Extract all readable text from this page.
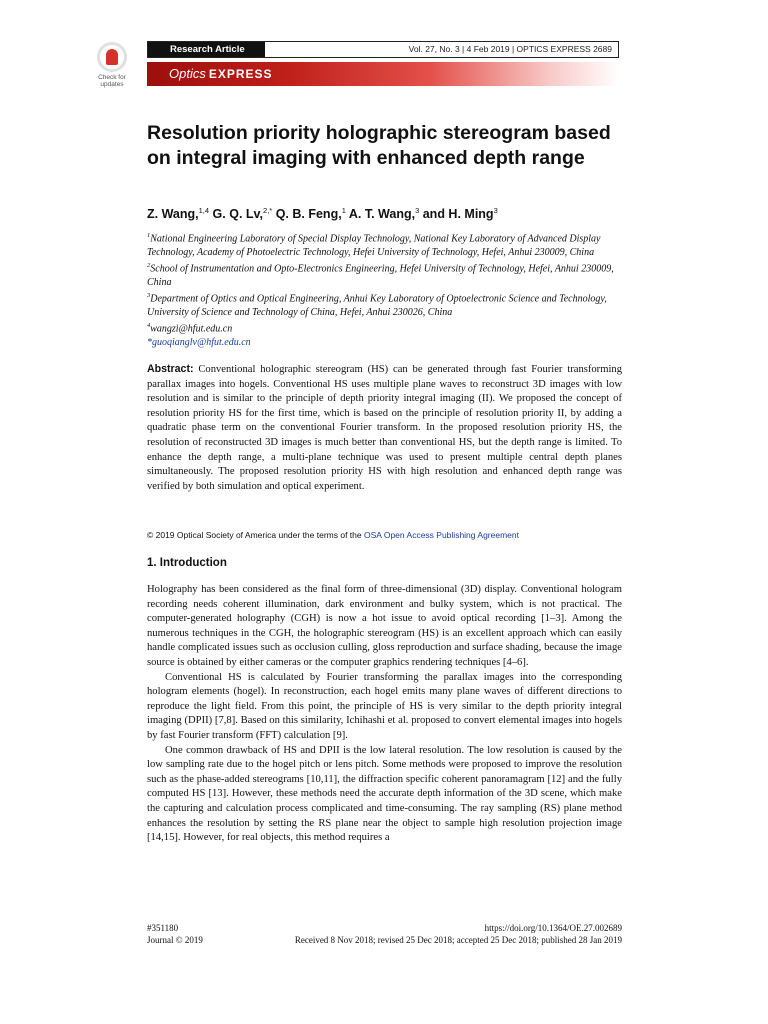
Check for
updates
Research Article	Vol. 27, No. 3 | 4 Feb 2019 | OPTICS EXPRESS 2689
Optics EXPRESS
Resolution priority holographic stereogram based on integral imaging with enhanced depth range
Z. Wang,$^{1,4}$ G. Q. Lv,$^{2,*}$ Q. B. Feng,$^1$ A. T. Wang,$^3$ and H. Ming$^3$

$^1$National Engineering Laboratory of Special Display Technology, National Key Laboratory of Advanced Display Technology, Academy of Photoelectric Technology, Hefei University of Technology, Hefei, Anhui 230009, China

$^2$School of Instrumentation and Opto-Electronics Engineering, Hefei University of Technology, Hefei, Anhui 230009, China

$^3$Department of Optics and Optical Engineering, Anhui Key Laboratory of Optoelectronic Science and Technology, University of Science and Technology of China, Hefei, Anhui 230026, China

$^4$wangzi@hfut.edu.cn

*guoqianglv@hfut.edu.cn

Abstract: Conventional holographic stereogram (HS) can be generated through fast Fourier transforming parallax images into hogels. Conventional HS uses multiple plane waves to reconstruct 3D images with low resolution and is similar to the principle of depth priority integral imaging (II). We proposed the concept of resolution priority HS for the first time, which is based on the principle of resolution priority II, by adding a quadratic phase term on the conventional Fourier transform. In the proposed resolution priority HS, the resolution of reconstructed 3D images is much better than conventional HS, but the depth range is limited. To enhance the depth range, a multi-plane technique was used to present multiple central depth planes simultaneously. The proposed resolution priority HS with high resolution and enhanced depth range was verified by both simulation and optical experiment.

© 2019 Optical Society of America under the terms of the OSA Open Access Publishing Agreement
1. Introduction

Holography has been considered as the final form of three-dimensional (3D) display. Conventional hologram recording needs coherent illumination, dark environment and bulky system, which is not practical. The computer-generated holography (CGH) is now a hot issue to avoid optical recording [1–3]. Among the numerous techniques in the CGH, the holographic stereogram (HS) is an excellent approach which can easily handle complicated issues such as occlusion culling, gloss reproduction and surface shading, because the image source is obtained by either cameras or the computer graphics rendering techniques [4–6].

Conventional HS is calculated by Fourier transforming the parallax images into the corresponding hologram elements (hogel). In reconstruction, each hogel emits many plane waves of different directions to reproduce the light field. From this point, the principle of HS is very similar to the depth priority integral imaging (DPII) [7,8]. Based on this similarity, Ichihashi et al. proposed to convert elemental images into hogels by fast Fourier transform (FFT) calculation [9].

One common drawback of HS and DPII is the low lateral resolution. The low resolution is caused by the low sampling rate due to the hogel pitch or lens pitch. Some methods were proposed to improve the resolution such as the phase-added stereograms [10,11], the diffraction specific coherent panoramagram [12] and the fully computed HS [13]. However, these methods need the accurate depth information of the 3D scene, which make the capturing and calculation process complicated and time-consuming. The ray sampling (RS) plane method enhances the resolution by setting the RS plane near the object to sample high resolution projection image [14,15]. However, for real objects, this method requires a

#351180
Journal © 2019
https://doi.org/10.1364/OE.27.002689
Received 8 Nov 2018; revised 25 Dec 2018; accepted 25 Dec 2018; published 28 Jan 2019
